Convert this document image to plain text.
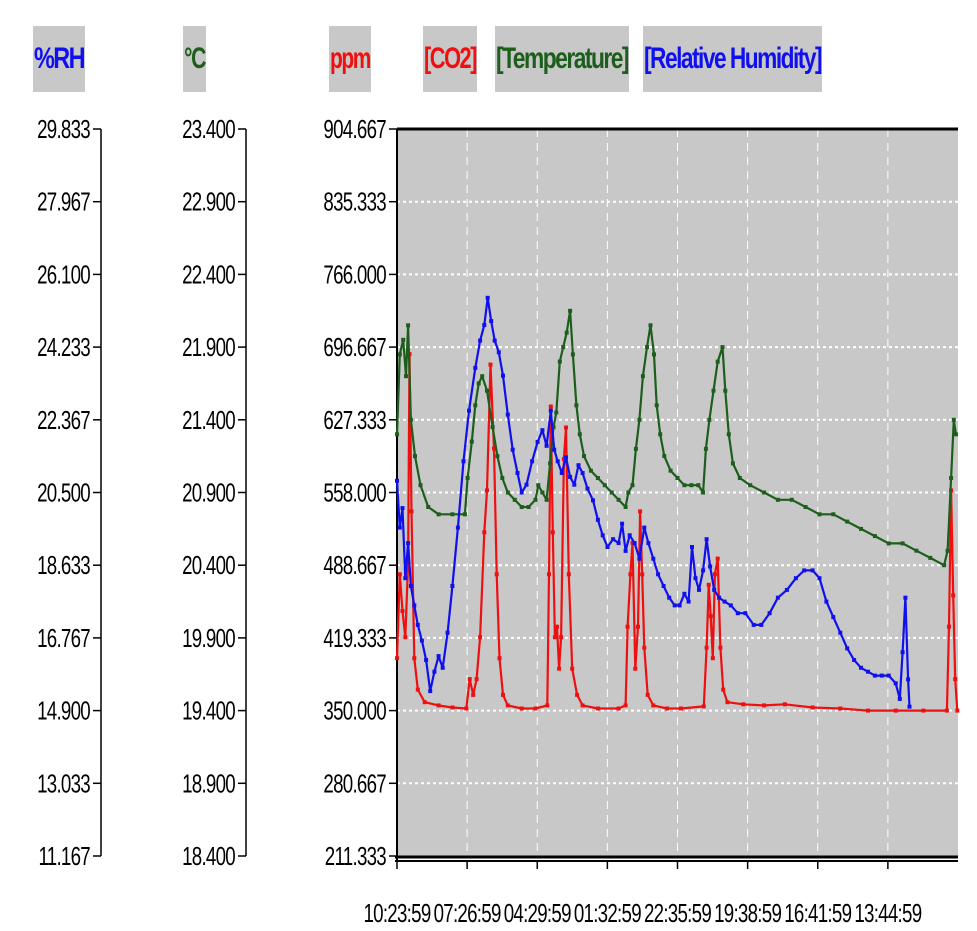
%RH	°C	ppm [CO2] [Temperature] [Relative Humidity]
29.833
27.967
26.100
24.233
22.367
20.500
18.633
16.767
14.900
13.033
11.167
23.400
22.900
22.400
21.900
21.400
20.900
20.400
19.900
19.400
18.900
18.400
904.667
835.333
766.000
696.667
627.333
558.000
488.667
419.333
350.000
280.667
211.333
10:23:59 07:26:59 04:29:59 01:32:59 22:35:59 19:38:59 16:41:59 13:44:59
